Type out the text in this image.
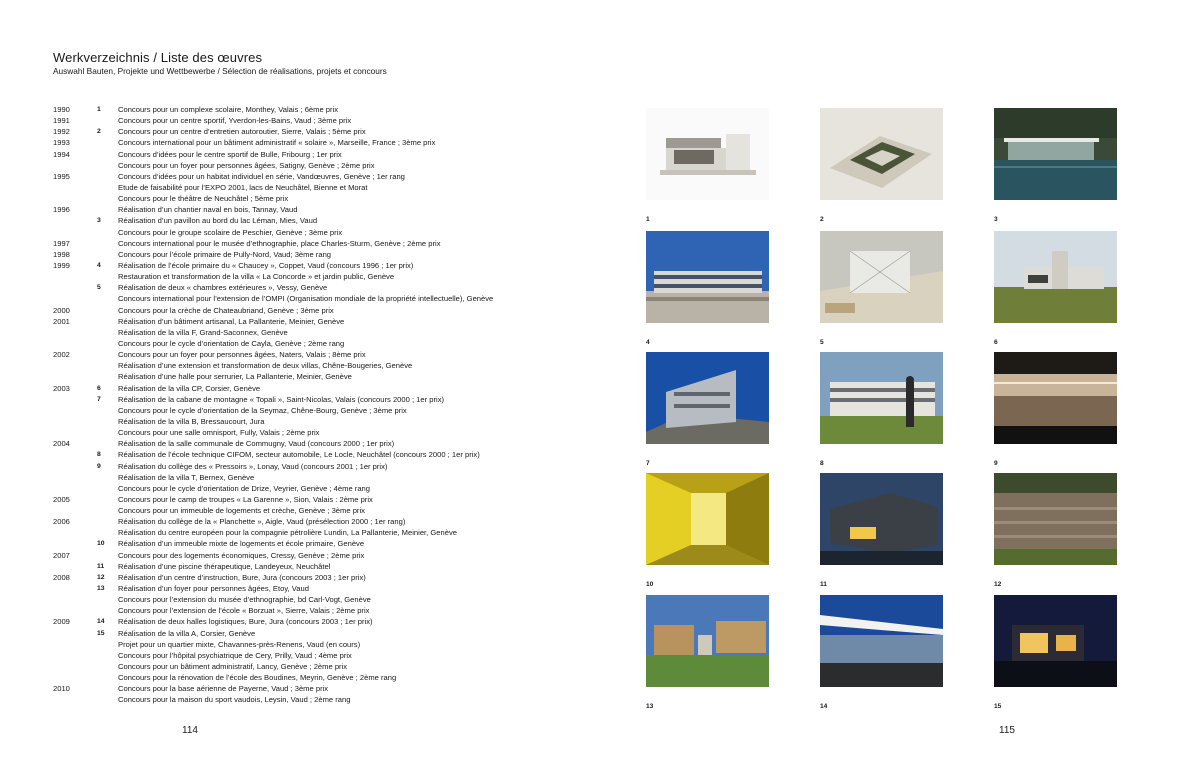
Werkverzeichnis / Liste des œuvres
Auswahl Bauten, Projekte und Wettbewerbe / Sélection de réalisations, projets et concours
1990	1 Concours pour un complexe scolaire, Monthey, Valais ; 6ème prix
1991	Concours pour un centre sportif, Yverdon-les-Bains, Vaud ; 3ème prix
1992	2 Concours pour un centre d’entretien autoroutier, Sierre, Valais ; 5ème prix
1993	Concours international pour un bâtiment administratif « solaire », Marseille, France ; 3ème prix
1994	Concours d’idées pour le centre sportif de Bulle, Fribourg ; 1er prix
Concours pour un foyer pour personnes âgées, Satigny, Genève ; 2ème prix
1995	Concours d’idées pour un habitat individuel en série, Vandœuvres, Genève ; 1er rang
Etude de faisabilité pour l’EXPO 2001, lacs de Neuchâtel, Bienne et Morat
Concours pour le théâtre de Neuchâtel ; 5ème prix
1996	Réalisation d’un chantier naval en bois, Tannay, Vaud
3 Réalisation d’un pavillon au bord du lac Léman, Mies, Vaud
Concours pour le groupe scolaire de Peschier, Genève ; 3ème prix
1997	Concours international pour le musée d’ethnographie, place Charles-Sturm, Genève ; 2ème prix
1998	Concours pour l’école primaire de Pully-Nord, Vaud; 3ème rang
1999	4 Réalisation de l’école primaire du « Chaucey », Coppet, Vaud (concours 1996 ; 1er prix)
Restauration et transformation de la villa « La Concorde » et jardin public, Genève
5 Réalisation de deux « chambres extérieures », Vessy, Genève
Concours international pour l’extension de l’OMPI (Organisation mondiale de la propriété intellectuelle), Genève
2000	Concours pour la crèche de Chateaubriand, Genève ; 3ème prix
2001	Réalisation d’un bâtiment artisanal, La Pallanterie, Meinier, Genève
Réalisation de la villa F, Grand-Saconnex, Genève
Concours pour le cycle d’orientation de Cayla, Genève ; 2ème rang
2002	Concours pour un foyer pour personnes âgées, Naters, Valais ; 8ème prix
Réalisation d’une extension et transformation de deux villas, Chêne-Bougeries, Genève
Réalisation d’une halle pour serrurier, La Pallanterie, Meinier, Genève
2003	6 Réalisation de la villa CP, Corsier, Genève
7 Réalisation de la cabane de montagne « Topali », Saint-Nicolas, Valais (concours 2000 ; 1er prix)
Concours pour le cycle d’orientation de la Seymaz, Chêne-Bourg, Genève ; 3ème prix
Réalisation de la villa B, Bressaucourt, Jura
Concours pour une salle omnisport, Fully, Valais ; 2ème prix
2004	Réalisation de la salle communale de Commugny, Vaud (concours 2000 ; 1er prix)
8 Réalisation de l’école technique CIFOM, secteur automobile, Le Locle, Neuchâtel (concours 2000 ; 1er prix)
9 Réalisation du collège des « Pressoirs », Lonay, Vaud (concours 2001 ; 1er prix)
Réalisation de la villa T, Bernex, Genève
Concours pour le cycle d’orientation de Drize, Veyrier, Genève ; 4ème rang
2005	Concours pour le camp de troupes « La Garenne », Sion, Valais : 2ème prix
Concours pour un immeuble de logements et crèche, Genève ; 3ème prix
2006	Réalisation du collège de la « Planchette », Aigle, Vaud (présélection 2000 ; 1er rang)
Réalisation du centre européen pour la compagnie pétrolière Lundin, La Pallanterie, Meinier, Genève
10 Réalisation d’un immeuble mixte de logements et école primaire, Genève
2007	Concours pour des logements économiques, Cressy, Genève ; 2ème prix
11 Réalisation d’une piscine thérapeutique, Landeyeux, Neuchâtel
2008	12 Réalisation d’un centre d’instruction, Bure, Jura (concours 2003 ; 1er prix)
13 Réalisation d’un foyer pour personnes âgées, Etoy, Vaud
Concours pour l’extension du musée d’ethnographie, bd Carl-Vogt, Genève
Concours pour l’extension de l’école « Borzuat », Sierre, Valais ; 2ème prix
2009	14 Réalisation de deux halles logistiques, Bure, Jura (concours 2003 ; 1er prix)
15 Réalisation de la villa A, Corsier, Genève
Projet pour un quartier mixte, Chavannes-près-Renens, Vaud (en cours)
Concours pour l’hôpital psychiatrique de Cery, Prilly, Vaud ; 4ème prix
Concours pour un bâtiment administratif, Lancy, Genève ; 2ème prix
Concours pour la rénovation de l’école des Boudines, Meyrin, Genève ; 2ème rang
2010	Concours pour la base aérienne de Payerne, Vaud ; 3ème prix
Concours pour la maison du sport vaudois, Leysin, Vaud ; 2ème rang
114	115
1	2	3
4	5	6
7	8	9
10	11	12
13	14	15
